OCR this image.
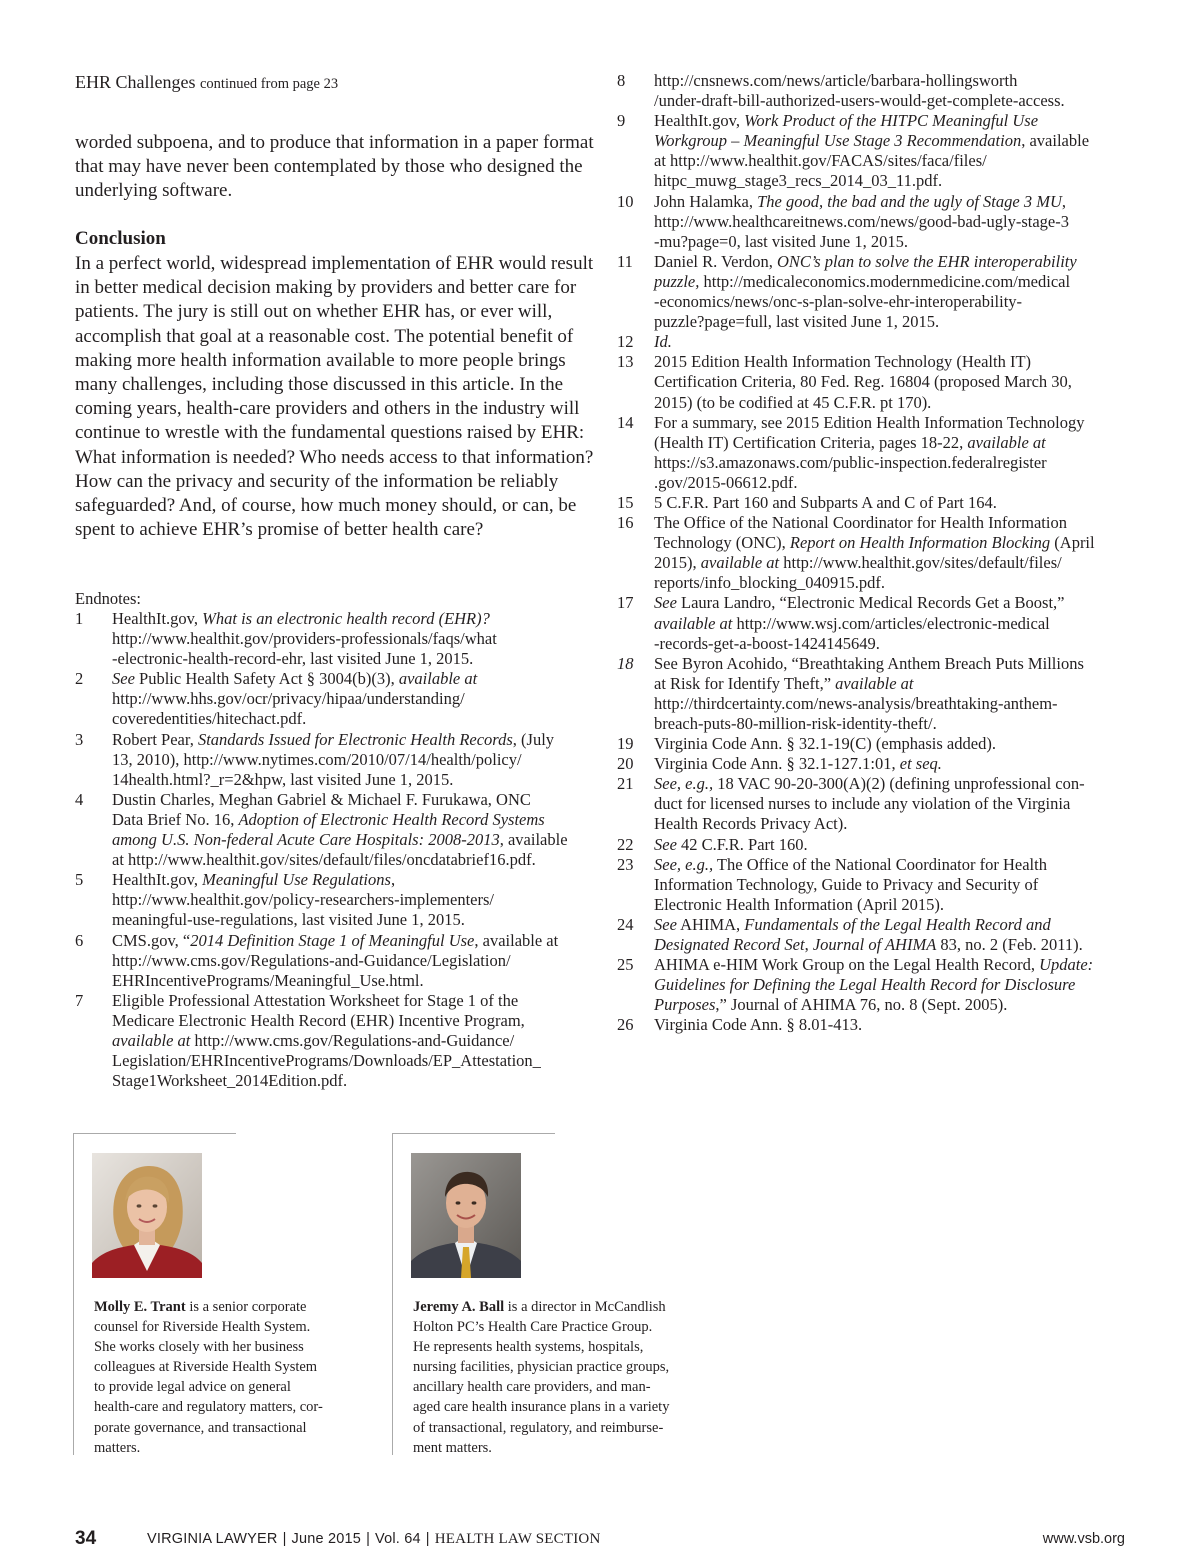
EHR Challenges continued from page 23

worded subpoena, and to produce that information in a paper format that may have never been contemplated by those who designed the underlying software.

Conclusion

In a perfect world, widespread implementation of EHR would result in better medical decision making by providers and better care for patients. The jury is still out on whether EHR has, or ever will, accomplish that goal at a reasonable cost. The potential benefit of making more health information available to more people brings many challenges, including those discussed in this article. In the coming years, health-care providers and others in the industry will continue to wrestle with the fundamental questions raised by EHR: What information is needed? Who needs access to that information? How can the privacy and security of the information be reliably safeguarded? And, of course, how much money should, or can, be spent to achieve EHR’s promise of better health care?

Endnotes:
1	HealthIt.gov, What is an electronic health record (EHR)?
http://www.healthit.gov/providers-professionals/faqs/what
-electronic-health-record-ehr, last visited June 1, 2015.
2	See Public Health Safety Act § 3004(b)(3), available at
http://www.hhs.gov/ocr/privacy/hipaa/understanding/
coveredentities/hitechact.pdf.
3	Robert Pear, Standards Issued for Electronic Health Records, (July
13, 2010), http://www.nytimes.com/2010/07/14/health/policy/
14health.html?_r=2&hpw, last visited June 1, 2015.
4	Dustin Charles, Meghan Gabriel & Michael F. Furukawa, ONC
Data Brief No. 16, Adoption of Electronic Health Record Systems
among U.S. Non-federal Acute Care Hospitals: 2008-2013, available
at http://www.healthit.gov/sites/default/files/oncdatabrief16.pdf.
5	HealthIt.gov, Meaningful Use Regulations,
http://www.healthit.gov/policy-researchers-implementers/
meaningful-use-regulations, last visited June 1, 2015.
6	CMS.gov, “2014 Definition Stage 1 of Meaningful Use, available at
http://www.cms.gov/Regulations-and-Guidance/Legislation/
EHRIncentivePrograms/Meaningful_Use.html.
7	Eligible Professional Attestation Worksheet for Stage 1 of the
Medicare Electronic Health Record (EHR) Incentive Program,
available at http://www.cms.gov/Regulations-and-Guidance/
Legislation/EHRIncentivePrograms/Downloads/EP_Attestation_
Stage1Worksheet_2014Edition.pdf.
8	http://cnsnews.com/news/article/barbara-hollingsworth
/under-draft-bill-authorized-users-would-get-complete-access.
9	HealthIt.gov, Work Product of the HITPC Meaningful Use
Workgroup – Meaningful Use Stage 3 Recommendation, available
at http://www.healthit.gov/FACAS/sites/faca/files/
hitpc_muwg_stage3_recs_2014_03_11.pdf.
10	John Halamka, The good, the bad and the ugly of Stage 3 MU,
http://www.healthcareitnews.com/news/good-bad-ugly-stage-3
-mu?page=0, last visited June 1, 2015.
11	Daniel R. Verdon, ONC’s plan to solve the EHR interoperability
puzzle, http://medicaleconomics.modernmedicine.com/medical
-economics/news/onc-s-plan-solve-ehr-interoperability-
puzzle?page=full, last visited June 1, 2015.
12	Id.
13	2015 Edition Health Information Technology (Health IT)
Certification Criteria, 80 Fed. Reg. 16804 (proposed March 30,
2015) (to be codified at 45 C.F.R. pt 170).
14	For a summary, see 2015 Edition Health Information Technology
(Health IT) Certification Criteria, pages 18-22, available at
https://s3.amazonaws.com/public-inspection.federalregister
.gov/2015-06612.pdf.
15	5 C.F.R. Part 160 and Subparts A and C of Part 164.
16	The Office of the National Coordinator for Health Information
Technology (ONC), Report on Health Information Blocking (April
2015), available at http://www.healthit.gov/sites/default/files/
reports/info_blocking_040915.pdf.
17	See Laura Landro, “Electronic Medical Records Get a Boost,”
available at http://www.wsj.com/articles/electronic-medical
-records-get-a-boost-1424145649.
18	See Byron Acohido, “Breathtaking Anthem Breach Puts Millions
at Risk for Identify Theft,” available at
http://thirdcertainty.com/news-analysis/breathtaking-anthem-
breach-puts-80-million-risk-identity-theft/.
19	Virginia Code Ann. § 32.1-19(C) (emphasis added).
20	Virginia Code Ann. § 32.1-127.1:01, et seq.
21	See, e.g., 18 VAC 90-20-300(A)(2) (defining unprofessional con-
duct for licensed nurses to include any violation of the Virginia
Health Records Privacy Act).
22	See 42 C.F.R. Part 160.
23	See, e.g., The Office of the National Coordinator for Health
Information Technology, Guide to Privacy and Security of
Electronic Health Information (April 2015).
24	See AHIMA, Fundamentals of the Legal Health Record and
Designated Record Set, Journal of AHIMA 83, no. 2 (Feb. 2011).
25	AHIMA e-HIM Work Group on the Legal Health Record, Update:
Guidelines for Defining the Legal Health Record for Disclosure
Purposes,” Journal of AHIMA 76, no. 8 (Sept. 2005).
26	Virginia Code Ann. § 8.01-413.

Molly E. Trant is a senior corporate
counsel for Riverside Health System.
She works closely with her business
colleagues at Riverside Health System
to provide legal advice on general
health-care and regulatory matters, cor-
porate governance, and transactional
matters.

Jeremy A. Ball is a director in McCandlish
Holton PC’s Health Care Practice Group.
He represents health systems, hospitals,
nursing facilities, physician practice groups,
ancillary health care providers, and man-
aged care health insurance plans in a variety
of transactional, regulatory, and reimburse-
ment matters.

34	VIRGINIA LAWYER | June 2015 | Vol. 64 | HEALTH LAW SECTION	www.vsb.org
